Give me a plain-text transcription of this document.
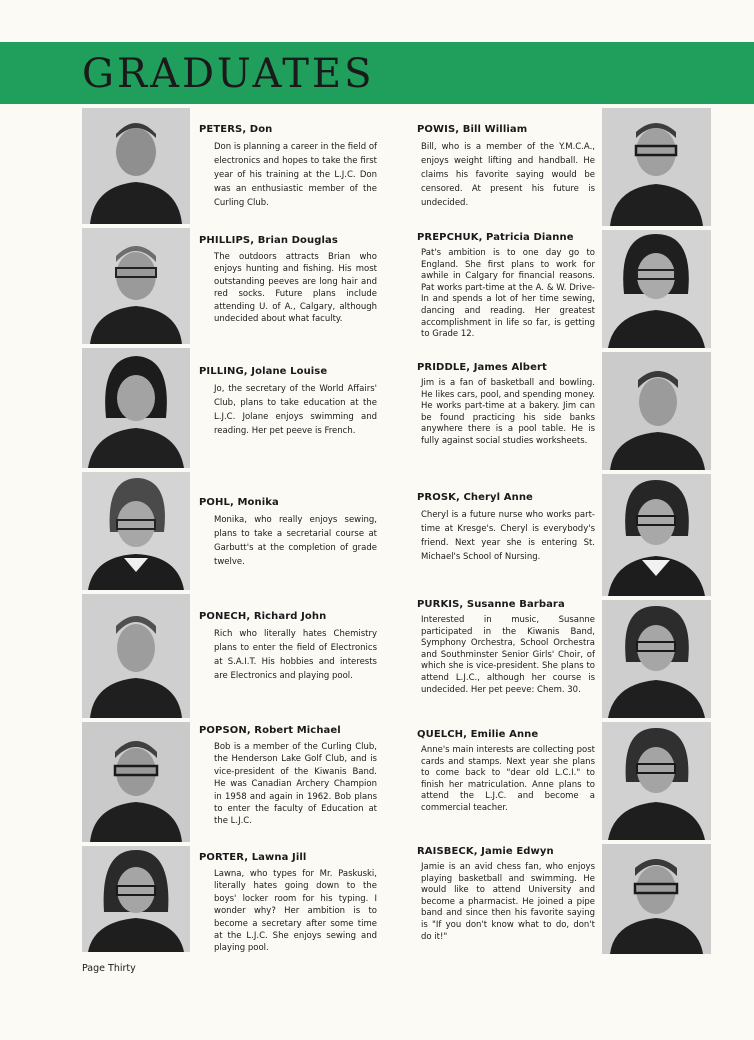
GRADUATES
PETERS, Don
Don is planning a career in the field of electronics and hopes to take the first year of his training at the L.J.C. Don was an enthusiastic member of the Curling Club.
PHILLIPS, Brian Douglas
The outdoors attracts Brian who enjoys hunting and fishing. His most outstanding peeves are long hair and red socks. Future plans include attending U. of A., Calgary, although undecided about what faculty.
PILLING, Jolane Louise
Jo, the secretary of the World Affairs' Club, plans to take education at the L.J.C. Jolane enjoys swimming and reading. Her pet peeve is French.
POHL, Monika
Monika, who really enjoys sewing, plans to take a secretarial course at Garbutt's at the completion of grade twelve.
PONECH, Richard John
Rich who literally hates Chemistry plans to enter the field of Electronics at S.A.I.T. His hobbies and interests are Electronics and playing pool.
POPSON, Robert Michael
Bob is a member of the Curling Club, the Henderson Lake Golf Club, and is vice-president of the Kiwanis Band. He was Canadian Archery Champion in 1958 and again in 1962. Bob plans to enter the faculty of Education at the L.J.C.
PORTER, Lawna Jill
Lawna, who types for Mr. Paskuski, literally hates going down to the boys' locker room for his typing. I wonder why? Her ambition is to become a secretary after some time at the L.J.C. She enjoys sewing and playing pool.
POWIS, Bill William
Bill, who is a member of the Y.M.C.A., enjoys weight lifting and handball. He claims his favorite saying would be censored. At present his future is undecided.
PREPCHUK, Patricia Dianne
Pat's ambition is to one day go to England. She first plans to work for awhile in Calgary for financial reasons. Pat works part-time at the A. & W. Drive-In and spends a lot of her time sewing, dancing and reading. Her greatest accomplishment in life so far, is getting to Grade 12.
PRIDDLE, James Albert
Jim is a fan of basketball and bowling. He likes cars, pool, and spending money. He works part-time at a bakery. Jim can be found practicing his side banks anywhere there is a pool table. He is fully against social studies worksheets.
PROSK, Cheryl Anne
Cheryl is a future nurse who works part-time at Kresge's. Cheryl is everybody's friend. Next year she is entering St. Michael's School of Nursing.
PURKIS, Susanne Barbara
Interested in music, Susanne participated in the Kiwanis Band, Symphony Orchestra, School Orchestra and Southminster Senior Girls' Choir, of which she is vice-president. She plans to attend L.J.C., although her course is undecided. Her pet peeve: Chem. 30.
QUELCH, Emilie Anne
Anne's main interests are collecting post cards and stamps. Next year she plans to come back to "dear old L.C.I." to finish her matriculation. Anne plans to attend the L.J.C. and become a commercial teacher.
RAISBECK, Jamie Edwyn
Jamie is an avid chess fan, who enjoys playing basketball and swimming. He would like to attend University and become a pharmacist. He joined a pipe band and since then his favorite saying is "If you don't know what to do, don't do it!"
Page Thirty
